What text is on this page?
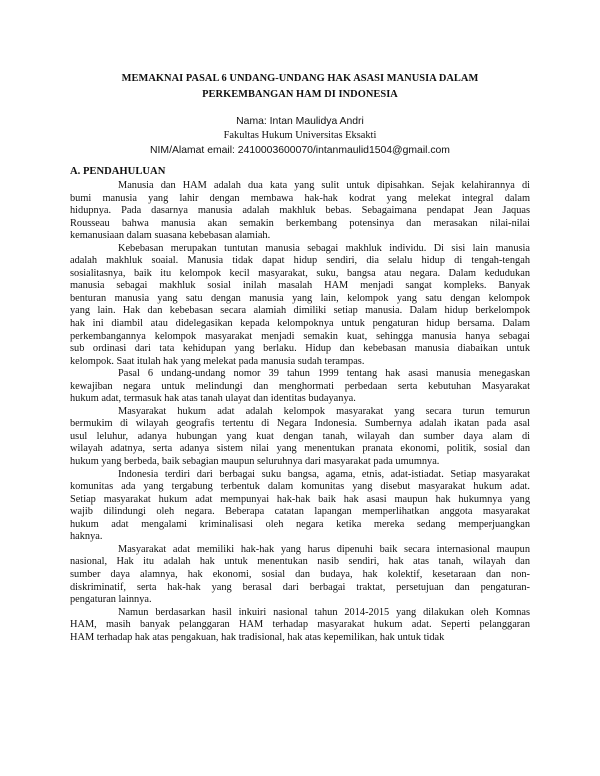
MEMAKNAI PASAL 6 UNDANG-UNDANG HAK ASASI MANUSIA DALAM
PERKEMBANGAN HAM DI INDONESIA
Nama: Intan Maulidya Andri
Fakultas Hukum Universitas Eksakti
NIM/Alamat email: 2410003600070/intanmaulid1504@gmail.com
A. PENDAHULUAN
Manusia dan HAM adalah dua kata yang sulit untuk dipisahkan. Sejak kelahirannya di
bumi manusia yang lahir dengan membawa hak-hak kodrat yang melekat integral dalam
hidupnya. Pada dasarnya manusia adalah makhluk bebas. Sebagaimana pendapat Jean Jaquas
Rousseau bahwa manusia akan semakin berkembang potensinya dan merasakan nilai-nilai
kemanusiaan dalam suasana kebebasan alamiah.
Kebebasan merupakan tuntutan manusia sebagai makhluk individu. Di sisi lain manusia
adalah makhluk soaial. Manusia tidak dapat hidup sendiri, dia selalu hidup di tengah-tengah
sosialitasnya, baik itu kelompok kecil masyarakat, suku, bangsa atau negara. Dalam kedudukan
manusia sebagai makhluk sosial inilah masalah HAM menjadi sangat kompleks. Banyak
benturan manusia yang satu dengan manusia yang lain, kelompok yang satu dengan kelompok
yang lain. Hak dan kebebasan secara alamiah dimiliki setiap manusia. Dalam hidup berkelompok
hak ini diambil atau didelegasikan kepada kelompoknya untuk pengaturan hidup bersama. Dalam
perkembangannya kelompok masyarakat menjadi semakin kuat, sehingga manusia hanya sebagai
sub ordinasi dari tata kehidupan yang berlaku. Hidup dan kebebasan manusia diabaikan untuk
kelompok. Saat itulah hak yang melekat pada manusia sudah terampas.
Pasal 6 undang-undang nomor 39 tahun 1999 tentang hak asasi manusia menegaskan
kewajiban negara untuk melindungi dan menghormati perbedaan serta kebutuhan Masyarakat
hukum adat, termasuk hak atas tanah ulayat dan identitas budayanya.
Masyarakat hukum adat adalah kelompok masyarakat yang secara turun temurun
bermukim di wilayah geografis tertentu di Negara Indonesia. Sumbernya adalah ikatan pada asal
usul leluhur, adanya hubungan yang kuat dengan tanah, wilayah dan sumber daya alam di
wilayah adatnya, serta adanya sistem nilai yang menentukan pranata ekonomi, politik, sosial dan
hukum yang berbeda, baik sebagian maupun seluruhnya dari masyarakat pada umumnya.
Indonesia terdiri dari berbagai suku bangsa, agama, etnis, adat-istiadat. Setiap masyarakat
komunitas ada yang tergabung terbentuk dalam komunitas yang disebut masyarakat hukum adat.
Setiap masyarakat hukum adat mempunyai hak-hak baik hak asasi maupun hak hukumnya yang
wajib dilindungi oleh negara. Beberapa catatan lapangan memperlihatkan anggota masyarakat
hukum adat mengalami kriminalisasi oleh negara ketika mereka sedang memperjuangkan
haknya.
Masyarakat adat memiliki hak-hak yang harus dipenuhi baik secara internasional maupun
nasional, Hak itu adalah hak untuk menentukan nasib sendiri, hak atas tanah, wilayah dan
sumber daya alamnya, hak ekonomi, sosial dan budaya, hak kolektif, kesetaraan dan non-
diskriminatif, serta hak-hak yang berasal dari berbagai traktat, persetujuan dan pengaturan-
pengaturan lainnya.
Namun berdasarkan hasil inkuiri nasional tahun 2014-2015 yang dilakukan oleh Komnas
HAM, masih banyak pelanggaran HAM terhadap masyarakat hukum adat. Seperti pelanggaran
HAM terhadap hak atas pengakuan, hak tradisional, hak atas kepemilikan, hak untuk tidak
